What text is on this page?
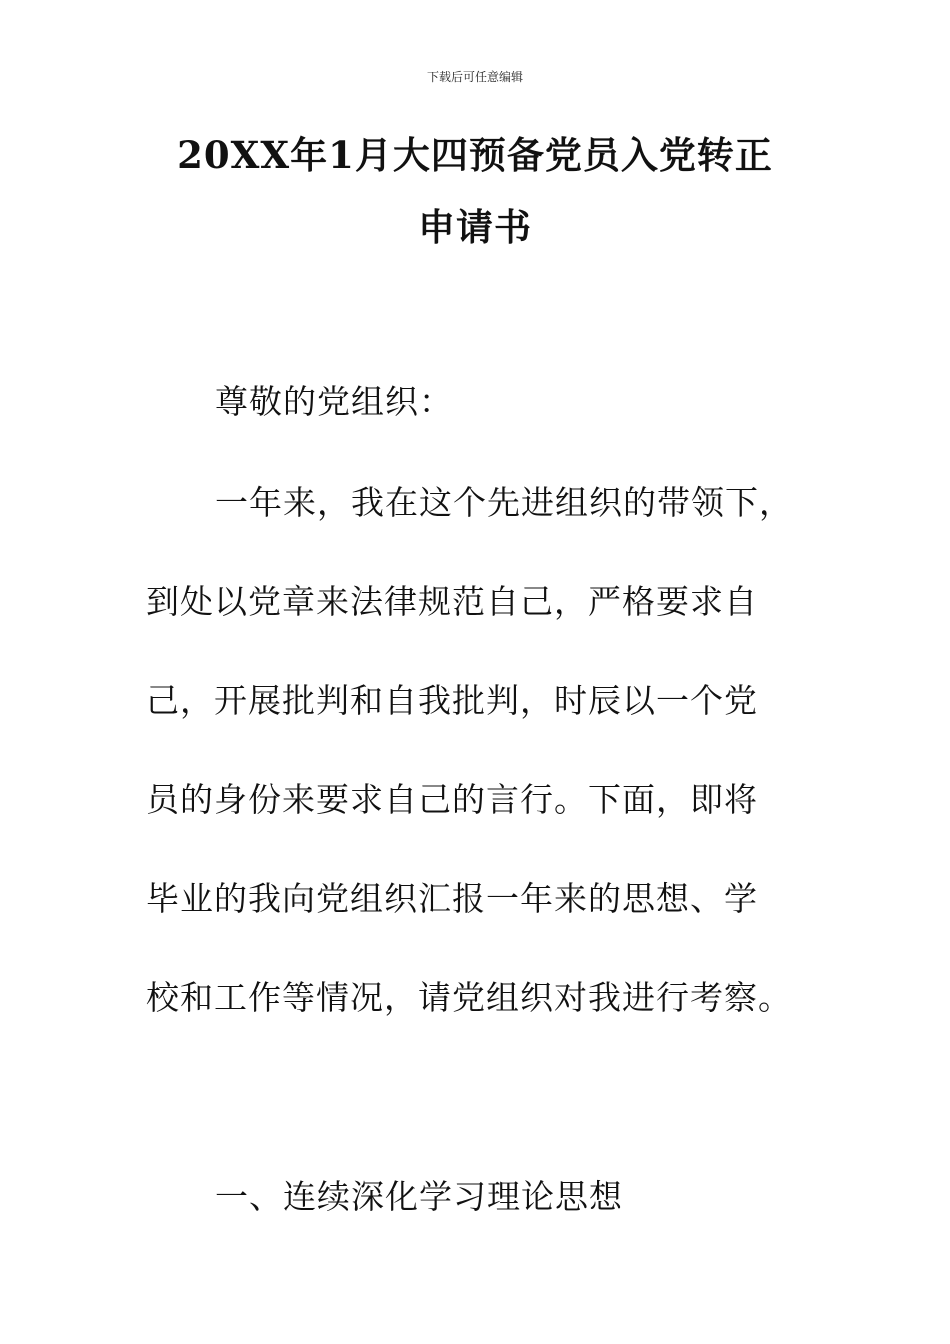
下载后可任意编辑
20XX年1月大四预备党员入党转正
申请书
尊敬的党组织：
一年来，我在这个先进组织的带领下，
到处以党章来法律规范自己，严格要求自
己，开展批判和自我批判，时辰以一个党
员的身份来要求自己的言行。下面，即将
毕业的我向党组织汇报一年来的思想、学
校和工作等情况，请党组织对我进行考察。
一、连续深化学习理论思想
